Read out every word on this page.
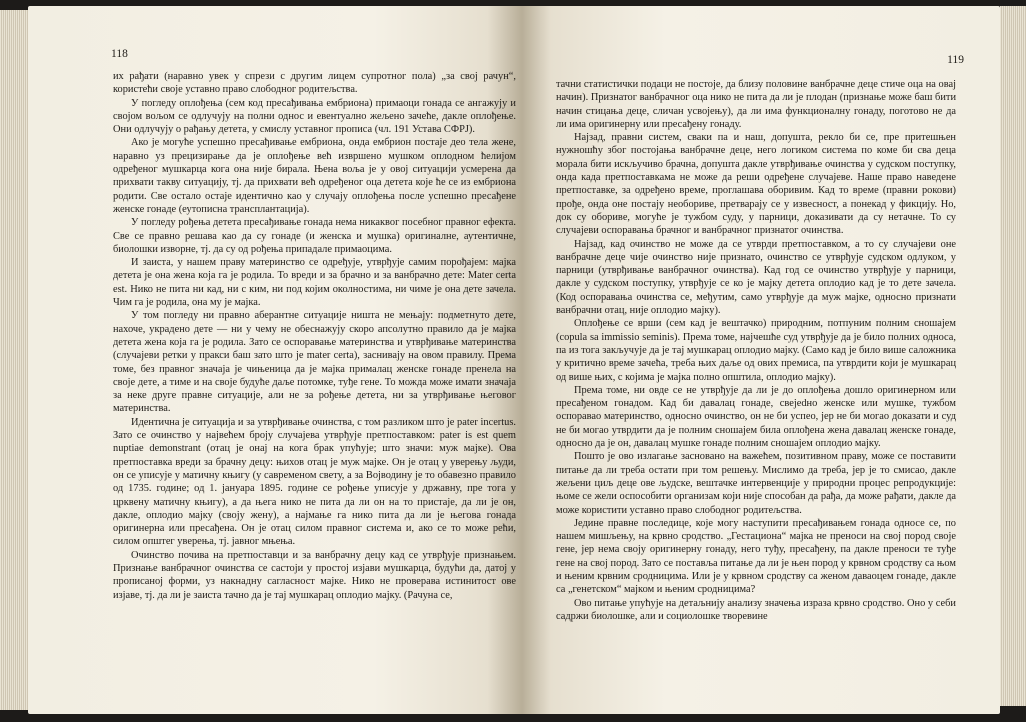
118

их рађати (наравно увек у спрези с другим лицем супротног пола) „за свој рачун“, користећи своје уставно право слободног родитељства.

У погледу оплођења (сем код пресађивања ембриона) примаоци гонада се ангажују и својом вољом се одлучују на полни однос и евентуално жељено зачеће, дакле оплођење. Они одлучују о рађању детета, у смислу уставног прописа (чл. 191 Устава СФРЈ).

Ако је могуће успешно пресађивање ембриона, онда ембрион постаје део тела жене, наравно уз прецизирање да је оплођење већ извршено мушком оплодном ћелијом одређеног мушкарца кога она није бирала. Њена воља је у овој ситуацији усмерена да прихвати такву ситуацију, тј. да прихвати већ одређеног оца детета које ће се из ембриона родити. Све остало остаје идентично као у случају оплођења после успешно пресађене женске гонаде (еутописна трансплантација).

У погледу рођења детета пресађивање гонада нема никаквог посебног правног ефекта. Све се правно решава као да су гонаде (и женска и мушка) оригиналне, аутентичне, биолошки изворне, тј. да су од рођења припадале примаоцима.

И заиста, у нашем праву материнство се одређује, утврђује самим порођајем: мајка детета је она жена која га је родила. То вреди и за брачно и за ванбрачно дете: Mater certa est. Нико не пита ни кад, ни с ким, ни под којим околностима, ни чиме је она дете зачела. Чим га је родила, она му је мајка.

У том погледу ни правно аберантне ситуације ништа не мењају: подметнуто дете, нахоче, украдено дете — ни у чему не обеснажују скоро апсолутно правило да је мајка детета жена која га је родила. Зато се оспоравање материнства и утврђивање материнства (случајеви ретки у пракси баш зато што је mater certa), заснивају на овом правилу. Према томе, без правног значаја је чињеница да је мајка прималац женске гонаде пренела на своје дете, а тиме и на своје будуће даље потомке, туђе гене. То можда може имати значаја за неке друге правне ситуације, али не за рођење детета, ни за утврђивање његовог материнства.

Идентична је ситуација и за утврђивање очинства, с том разликом што је pater incertus. Зато се очинство у највећем броју случајева утврђује претпоставком: pater is est quem nuptiae demonstrant (отац је онај на кога брак упућује; што значи: муж мајке). Ова претпоставка вреди за брачну децу: њихов отац је муж мајке. Он је отац у уверењу људи, он се уписује у матичну књигу (у савременом свету, а за Војводину је то обавезно правило од 1735. године; од 1. јануара 1895. године се рођење уписује у државну, пре тога у црквену матичну књигу), а да њега нико не пита да ли он на то пристаје, да ли је он, дакле, оплодио мајку (своју жену), а најмање га нико пита да ли је његова гонада оригинерна или пресађена. Он је отац силом правног система и, ако се то може рећи, силом општег уверења, тј. јавног мњења.

Очинство почива на претпоставци и за ванбрачну децу кад се утврђује признањем. Признање ванбрачног очинства се састоји у простој изјави мушкарца, будући да, датој у прописаној форми, уз накнадну сагласност мајке. Нико не проверава истинитост ове изјаве, тј. да ли је заиста тачно да је тај мушкарац оплодио мајку. (Рачуна се,

119

тачни статистички подаци не постоје, да близу половине ванбрачне деце стиче оца на овај начин). Признатог ванбрачног оца нико не пита да ли је плодан (признање може баш бити начин стицања деце, сличан усвојењу), да ли има функционалну гонаду, поготово не да ли има оригинерну или пресађену гонаду.

Најзад, правни систем, сваки па и наш, допушта, рекло би се, пре притешњен нужношћу због постојања ванбрачне деце, него логиком система по коме би сва деца морала бити искључиво брачна, допушта дакле утврђивање очинства у судском поступку, онда када претпоставкама не може да реши одређене случајеве. Наше право наведене претпоставке, за одређено време, проглашава оборивим. Кад то време (правни рокови) прође, онда оне постају необориве, претварају се у извесност, а понекад у фикцију. Но, док су оборивe, могуће је тужбом суду, у парници, доказивати да су нетачне. То су случајеви оспоравања брачног и ванбрачног признатог очинства.

Најзад, кад очинство не може да се утврди претпоставком, а то су случајеви оне ванбрачне деце чије очинство није признато, очинство се утврђује судском одлуком, у парници (утврђивање ванбрачног очинства). Кад год се очинство утврђује у парници, дакле у судском поступку, утврђује се ко је мајку детета оплодио кад је то дете зачела. (Код оспоравања очинства се, међутим, само утврђује да муж мајке, односно признати ванбрачни отац, није оплодио мајку).

Оплођење се врши (сем кад је вештачко) природним, потпуним полним сношајем (copula sa immissio seminis). Према томе, најчешће суд утврђује да је било полних односа, па из тога закључује да је тај мушкарац оплодио мајку. (Само кад је било више саложника у критично време зачећа, треба њих даље од ових премиса, па утврдити који је мушкарац од више њих, с којима је мајка полно општила, оплодио мајку).

Према томе, ни овде се не утврђује да ли је до оплођења дошло оригинерном или пресађеном гонадом. Кад би давалац гонаде, свејedно женске или мушке, тужбом оспоравао материнство, односно очинство, он не би успео, јер не би могао доказати и суд не би могао утврдити да је полним сношајем била оплођена жена давалац женске гонаде, односно да је он, давалац мушке гонаде полним сношајем оплодио мајку.

Пошто је ово излагање засновано на важећем, позитивном праву, може се поставити питање да ли треба остати при том решењу. Мислимо да треба, јер је то смисао, дакле жељени циљ деце ове људске, вештачке интервенције у природни процес репродукције: њоме се жели оспособити организам који није способан да рађа, да може рађати, дакле да може користити уставно право слободног родитељства.

Једине правне последице, које могу наступити пресађивањем гонада односе се, по нашем мишљењу, на крвно сродство. „Гестациона“ мајка не преноси на свој пород своје гене, јер нема своју оригинерну гонаду, него туђу, пресађену, па дакле преноси те туђе гене на свој пород. Зато се поставља питање да ли је њен пород у крвном сродству са њом и њеним крвним сродницима. Или је у крвном сродству са женом даваоцем гонаде, дакле са „генетском“ мајком и њеним сродницима?

Ово питање упућује на детаљнију анализу значења израза крвно сродство. Оно у себи садржи биолошке, али и социолошке творевине
